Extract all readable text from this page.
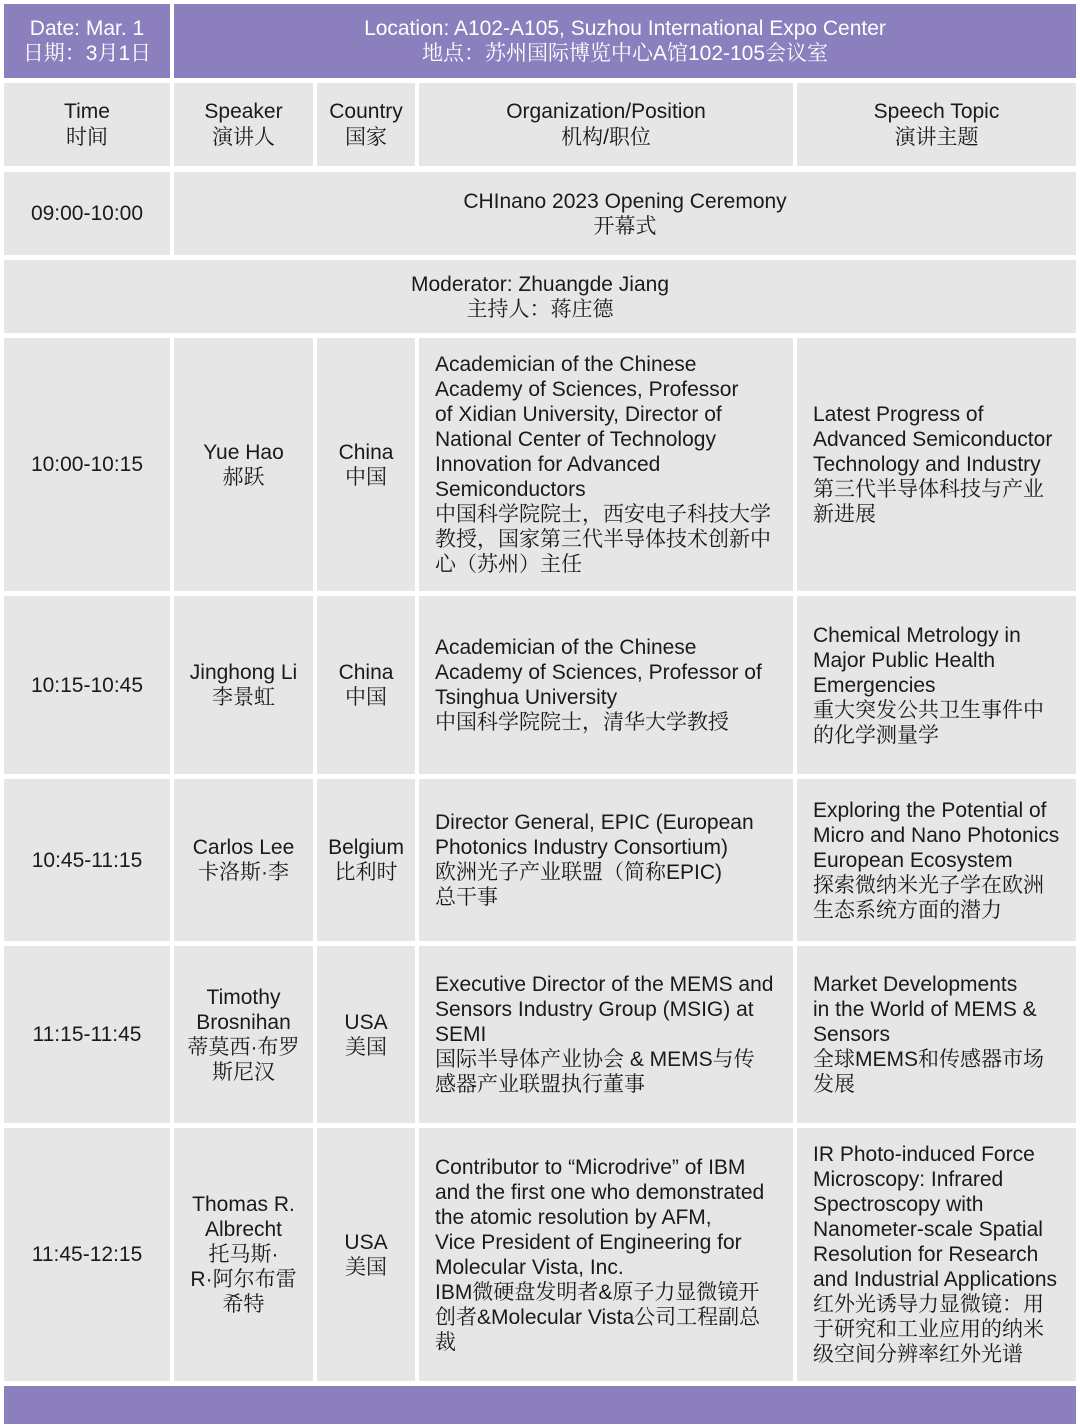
Date: Mar. 1
日期：3月1日
Location: A102-A105, Suzhou International Expo Center
地点：苏州国际博览中心A馆102-105会议室
Time
时间
Speaker
演讲人
Country
国家
Organization/Position
机构/职位
Speech Topic
演讲主题
09:00-10:00
CHInano 2023 Opening Ceremony
开幕式
Moderator: Zhuangde Jiang
主持人：蒋庄德
10:00-10:15
Yue Hao
郝跃
China
中国
Academician of the Chinese
Academy of Sciences, Professor
of Xidian University, Director of
National Center of Technology
Innovation for Advanced
Semiconductors
中国科学院院士，西安电子科技大学
教授，国家第三代半导体技术创新中
心（苏州）主任
Latest Progress of
Advanced Semiconductor
Technology and Industry
第三代半导体科技与产业
新进展
10:15-10:45
Jinghong Li
李景虹
China
中国
Academician of the Chinese
Academy of Sciences, Professor of
Tsinghua University
中国科学院院士，清华大学教授
Chemical Metrology in
Major Public Health
Emergencies
重大突发公共卫生事件中
的化学测量学
10:45-11:15
Carlos Lee
卡洛斯·李
Belgium
比利时
Director General, EPIC (European
Photonics Industry Consortium)
欧洲光子产业联盟（简称EPIC)
总干事
Exploring the Potential of
Micro and Nano Photonics
European Ecosystem
探索微纳米光子学在欧洲
生态系统方面的潜力
11:15-11:45
Timothy
Brosnihan
蒂莫西·布罗
斯尼汉
USA
美国
Executive Director of the MEMS and
Sensors Industry Group (MSIG) at
SEMI
国际半导体产业协会 & MEMS与传
感器产业联盟执行董事
Market Developments
in the World of MEMS &
Sensors
全球MEMS和传感器市场
发展
11:45-12:15
Thomas R.
Albrecht
托马斯·
R·阿尔布雷
希特
USA
美国
Contributor to “Microdrive” of IBM
and the first one who demonstrated
the atomic resolution by AFM,
Vice President of Engineering for
Molecular Vista, Inc.
IBM微硬盘发明者&原子力显微镜开
创者&Molecular Vista公司工程副总
裁
IR Photo-induced Force
Microscopy: Infrared
Spectroscopy with
Nanometer-scale Spatial
Resolution for Research
and Industrial Applications
红外光诱导力显微镜：用
于研究和工业应用的纳米
级空间分辨率红外光谱
